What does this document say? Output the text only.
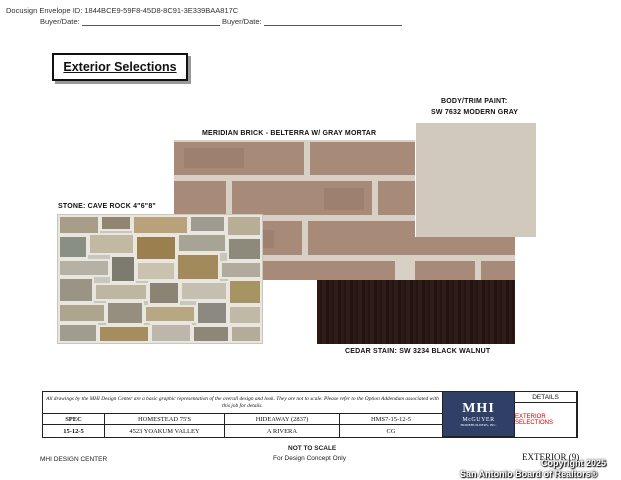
Docusign Envelope ID: 1844BCE9-59F8-45D8-8C91-3E339BAA817C
Buyer/Date:	Buyer/Date:
Exterior Selections
BODY/TRIM PAINT:
SW 7632 MODERN GRAY
MERIDIAN BRICK - BELTERRA W/ GRAY MORTAR
STONE: CAVE ROCK 4"6"8"
CEDAR STAIN: SW 3234 BLACK WALNUT
All drawings by the MHI Design Center are a basic graphic representation of the overall design and look. They are not to scale. Please refer to the Option Addendum associated with this job for details.	MHI
McGUYER
HOMEBUILDERS, INC.
DETAILS
EXTERIOR SELECTIONS
SPEC	HOMESTEAD 75'S	HIDEAWAY (2837)	HMS7-15-12-5
15-12-5	4523 YOAKUM VALLEY	A RIVERA	CG
MHI DESIGN CENTER
NOT TO SCALE
For Design Concept Only	EXTERIOR (9)
Copyright 2025
San Antonio Board of Realtors®
